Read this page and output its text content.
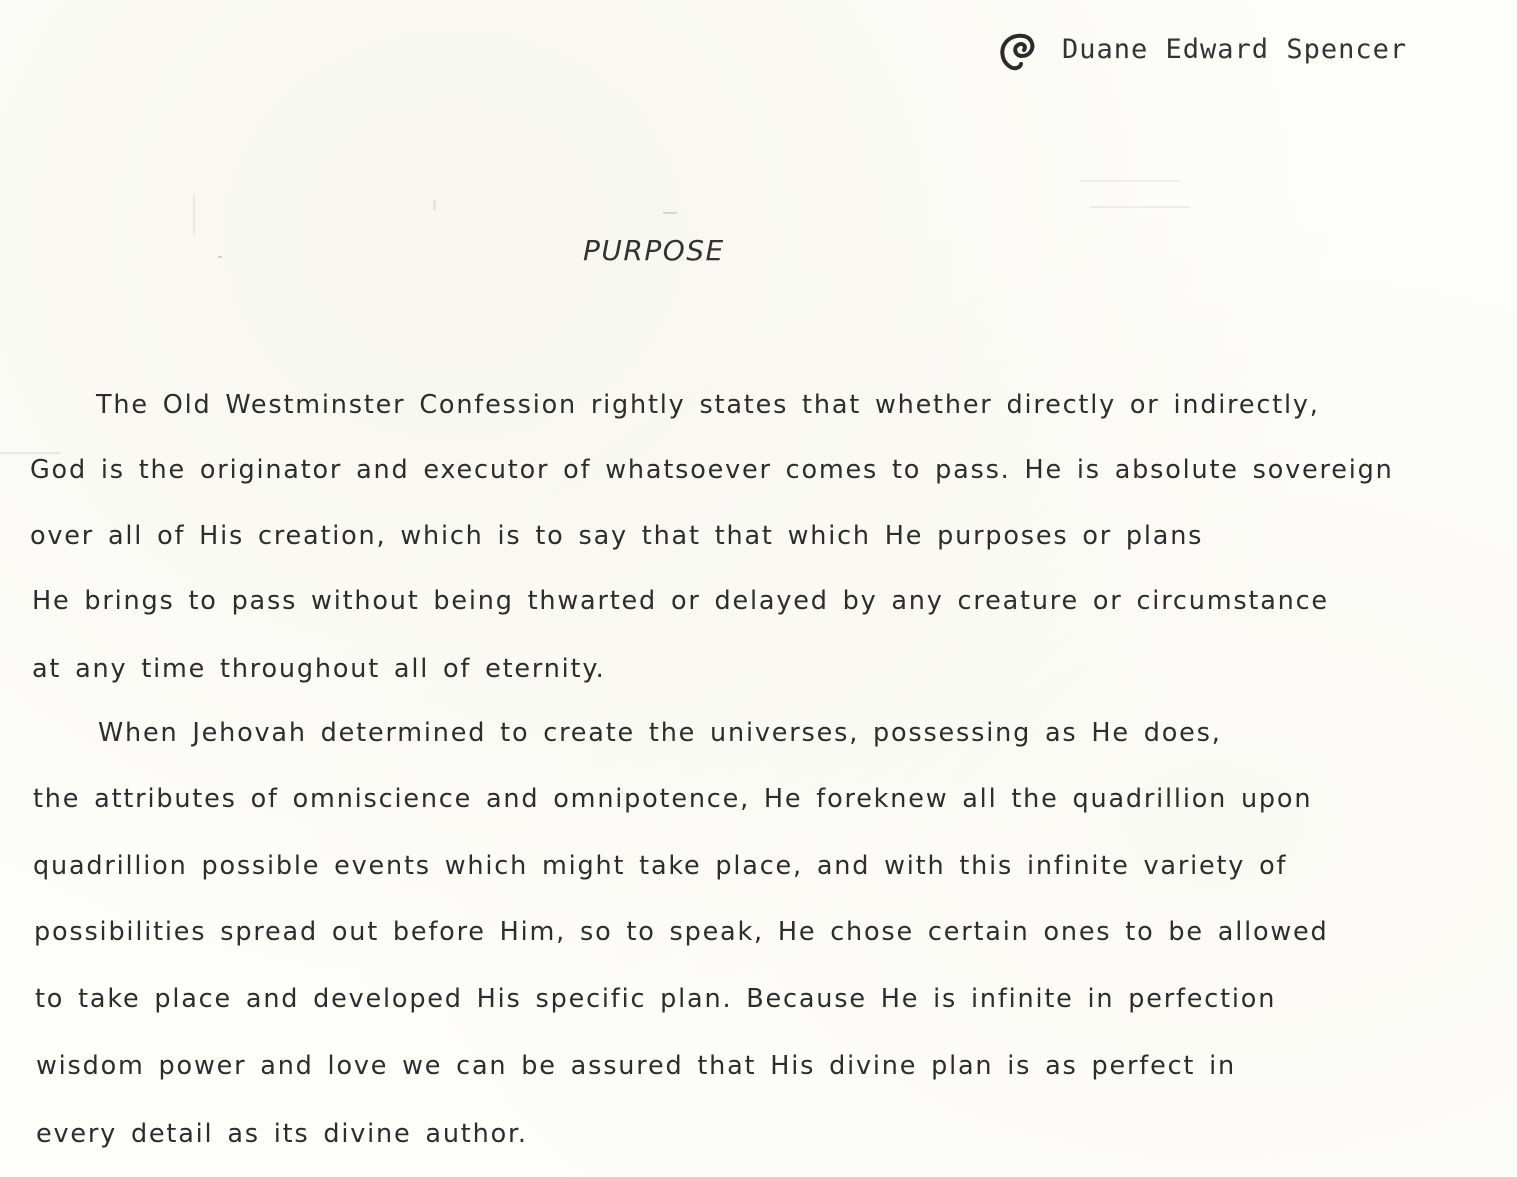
Duane Edward Spencer
PURPOSE
The Old Westminster Confession rightly states that whether directly or indirectly,
God is the originator and executor of whatsoever comes to pass. He is absolute sovereign
over all of His creation, which is to say that that which He purposes or plans
He brings to pass without being thwarted or delayed by any creature or circumstance
at any time throughout all of eternity.
When Jehovah determined to create the universes, possessing as He does,
the attributes of omniscience and omnipotence, He foreknew all the quadrillion upon
quadrillion possible events which might take place, and with this infinite variety of
possibilities spread out before Him, so to speak, He chose certain ones to be allowed
to take place and developed His specific plan. Because He is infinite in perfection
wisdom power and love we can be assured that His divine plan is as perfect in
every detail as its divine author.
